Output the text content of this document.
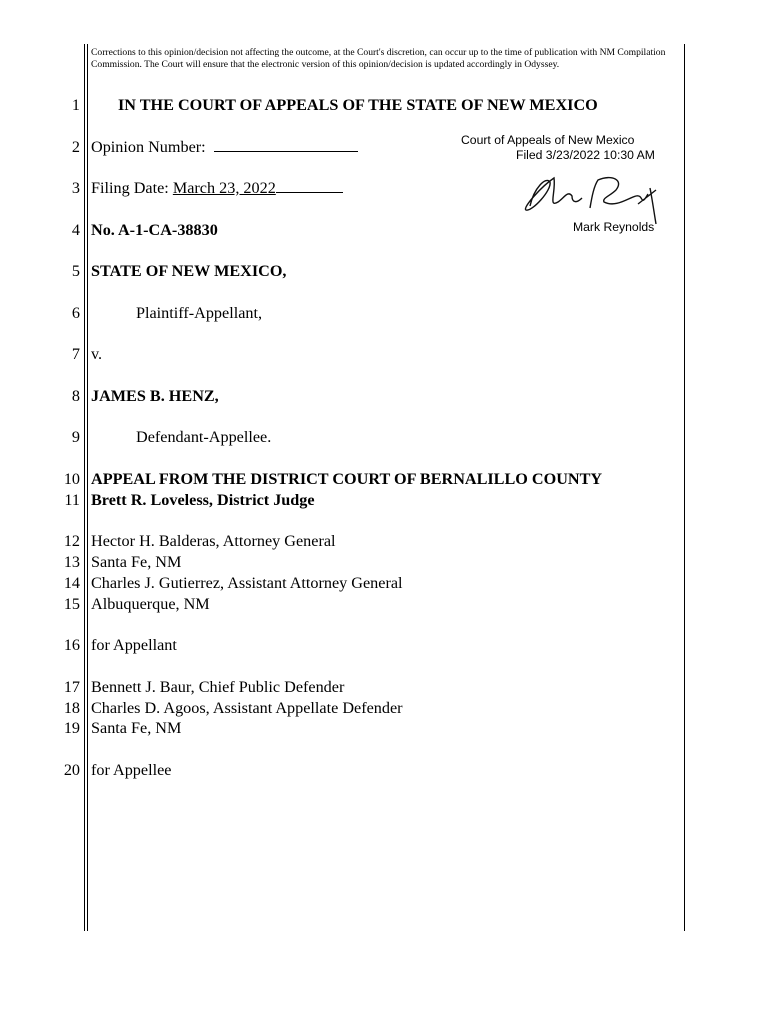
Corrections to this opinion/decision not affecting the outcome, at the Court's discretion, can occur up to the time of publication with NM Compilation Commission. The Court will ensure that the electronic version of this opinion/decision is updated accordingly in Odyssey.
1
2
3
4
5
6
7
8
9
10
11
12
13
14
15
16
17
18
19
20
IN THE COURT OF APPEALS OF THE STATE OF NEW MEXICO
Opinion Number:
Filing Date: March 23, 2022
Court of Appeals of New Mexico
Filed 3/23/2022 10:30 AM
Mark Reynolds
No. A-1-CA-38830
STATE OF NEW MEXICO,
Plaintiff-Appellant,
v.
JAMES B. HENZ,
Defendant-Appellee.
APPEAL FROM THE DISTRICT COURT OF BERNALILLO COUNTY
Brett R. Loveless, District Judge
Hector H. Balderas, Attorney General
Santa Fe, NM
Charles J. Gutierrez, Assistant Attorney General
Albuquerque, NM
for Appellant
Bennett J. Baur, Chief Public Defender
Charles D. Agoos, Assistant Appellate Defender
Santa Fe, NM
for Appellee
